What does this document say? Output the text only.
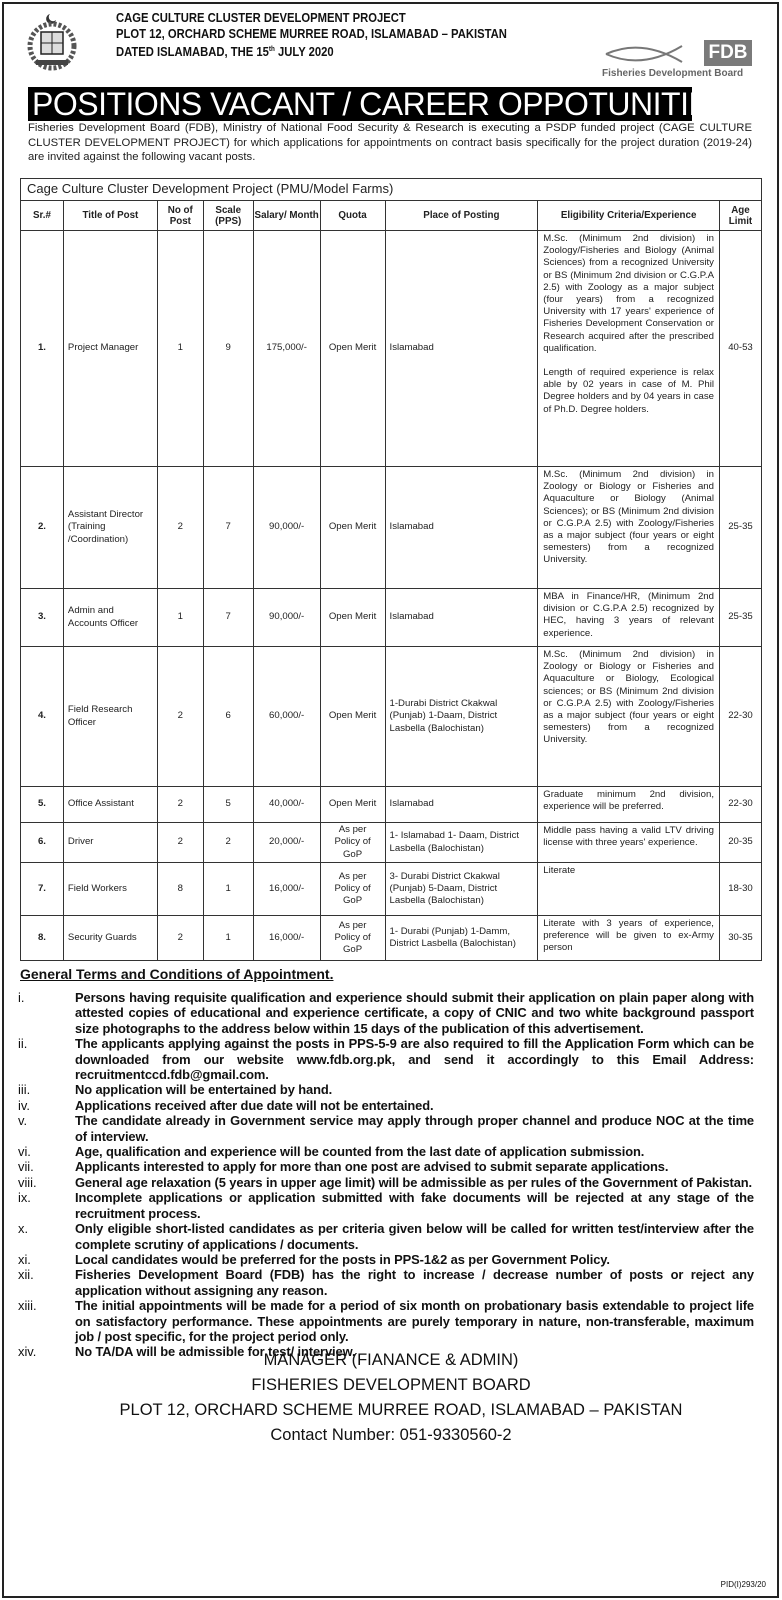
CAGE CULTURE CLUSTER DEVELOPMENT PROJECT
PLOT 12, ORCHARD SCHEME MURREE ROAD, ISLAMABAD – PAKISTAN
DATED ISLAMABAD, THE 15th JULY 2020	FDB
Fisheries Development Board
POSITIONS VACANT / CAREER OPPOTUNITIES

Fisheries Development Board (FDB), Ministry of National Food Security & Research is executing a PSDP funded project (CAGE CULTURE CLUSTER DEVELOPMENT PROJECT) for which applications for appointments on contract basis specifically for the project duration (2019-24) are invited against the following vacant posts.

Cage Culture Cluster Development Project (PMU/Model Farms)								
Sr.#	Title of Post	No of Post	Scale (PPS)	Salary/ Month	Quota	Place of Posting	Eligibility Criteria/Experience	Age Limit
1.	Project Manager	1	9	175,000/-	Open Merit	Islamabad	M.Sc. (Minimum 2nd division) in Zoology/Fisheries and Biology (Animal Sciences) from a recognized University or BS (Minimum 2nd division or C.G.P.A 2.5) with Zoology as a major subject (four years) from a recognized University with 17 years' experience of Fisheries Development Conservation or Research acquired after the prescribed qualification.

Length of required experience is relax able by 02 years in case of M. Phil Degree holders and by 04 years in case of Ph.D. Degree holders.	40-53
2.	Assistant Director (Training /Coordination)	2	7	90,000/-	Open Merit	Islamabad	M.Sc. (Minimum 2nd division) in Zoology or Biology or Fisheries and Aquaculture or Biology (Animal Sciences); or BS (Minimum 2nd division or C.G.P.A 2.5) with Zoology/Fisheries as a major subject (four years or eight semesters) from a recognized University.	25-35
3.	Admin and Accounts Officer	1	7	90,000/-	Open Merit	Islamabad	MBA in Finance/HR, (Minimum 2nd division or C.G.P.A 2.5) recognized by HEC, having 3 years of relevant experience.	25-35
4.	Field Research Officer	2	6	60,000/-	Open Merit	1-Durabi District Ckakwal (Punjab) 1-Daam, District Lasbella (Balochistan)	M.Sc. (Minimum 2nd division) in Zoology or Biology or Fisheries and Aquaculture or Biology, Ecological sciences; or BS (Minimum 2nd division or C.G.P.A 2.5) with Zoology/Fisheries as a major subject (four years or eight semesters) from a recognized University.	22-30
5.	Office Assistant	2	5	40,000/-	Open Merit	Islamabad	Graduate minimum 2nd division, experience will be preferred.	22-30
6.	Driver	2	2	20,000/-	As per Policy of GoP	1- Islamabad 1- Daam, District Lasbella (Balochistan)	Middle pass having a valid LTV driving license with three years' experience.	20-35
7.	Field Workers	8	1	16,000/-	As per Policy of GoP	3- Durabi District Ckakwal (Punjab) 5-Daam, District Lasbella (Balochistan)	Literate	18-30
8.	Security Guards	2	1	16,000/-	As per Policy of GoP	1- Durabi (Punjab) 1-Damm, District Lasbella (Balochistan)	Literate with 3 years of experience, preference will be given to ex-Army person	30-35
General Terms and Conditions of Appointment.
i.	Persons having requisite qualification and experience should submit their application on plain paper along with attested copies of educational and experience certificate, a copy of CNIC and two white background passport size photographs to the address below within 15 days of the publication of this advertisement.
ii.	The applicants applying against the posts in PPS-5-9 are also required to fill the Application Form which can be downloaded from our website www.fdb.org.pk, and send it accordingly to this Email Address: recruitmentccd.fdb@gmail.com.
iii.	No application will be entertained by hand.
iv.	Applications received after due date will not be entertained.
v.	The candidate already in Government service may apply through proper channel and produce NOC at the time of interview.
vi.	Age, qualification and experience will be counted from the last date of application submission.
vii.	Applicants interested to apply for more than one post are advised to submit separate applications.
viii.	General age relaxation (5 years in upper age limit) will be admissible as per rules of the Government of Pakistan.
ix.	Incomplete applications or application submitted with fake documents will be rejected at any stage of the recruitment process.
x.	Only eligible short-listed candidates as per criteria given below will be called for written test/interview after the complete scrutiny of applications / documents.
xi.	Local candidates would be preferred for the posts in PPS-1&2 as per Government Policy.
xii.	Fisheries Development Board (FDB) has the right to increase / decrease number of posts or reject any application without assigning any reason.
xiii.	The initial appointments will be made for a period of six month on probationary basis extendable to project life on satisfactory performance. These appointments are purely temporary in nature, non-transferable, maximum job / post specific, for the project period only.
xiv.	No TA/DA will be admissible for test/ interview.
MANAGER (FIANANCE & ADMIN)
FISHERIES DEVELOPMENT BOARD
PLOT 12, ORCHARD SCHEME MURREE ROAD, ISLAMABAD – PAKISTAN
Contact Number: 051-9330560-2
PID(I)293/20
